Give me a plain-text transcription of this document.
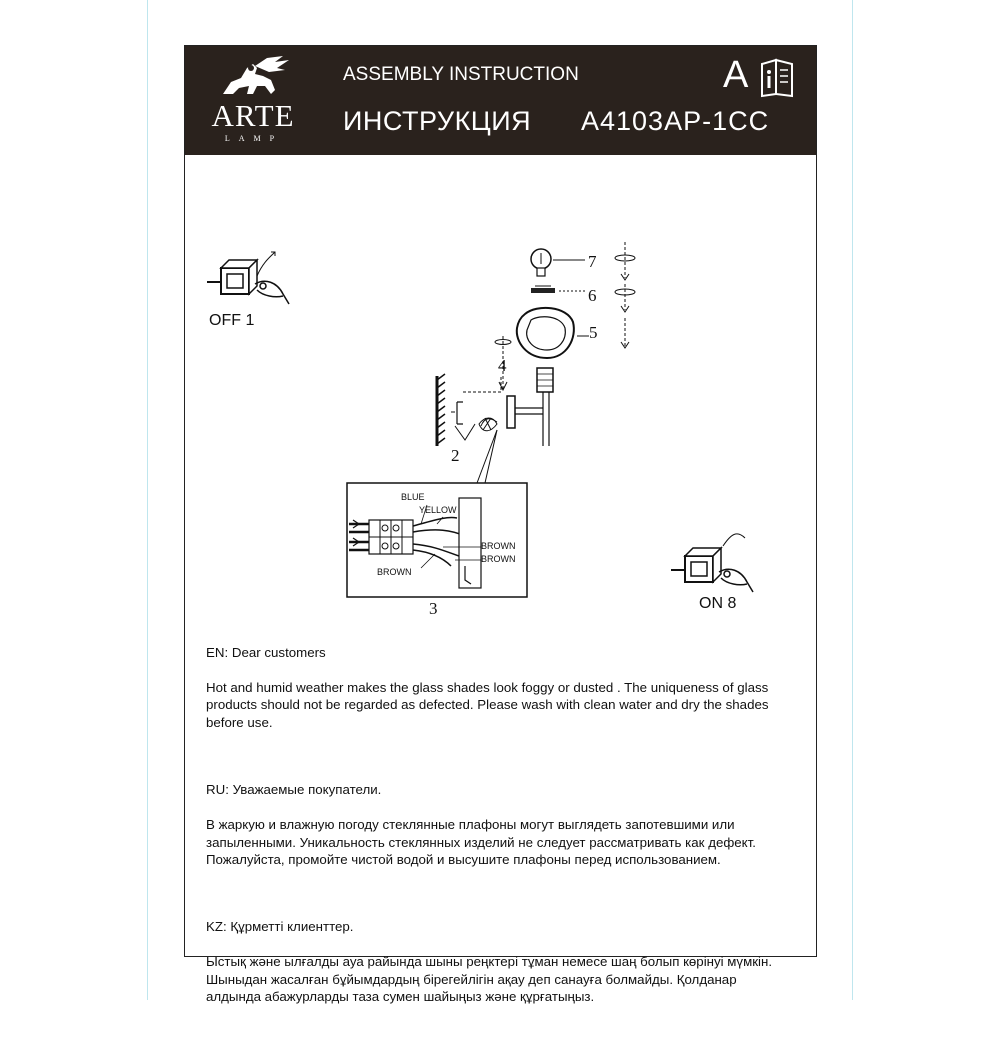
ARTE
LAMP
ASSEMBLY INSTRUCTION
ИНСТРУКЦИЯ A4103AP-1CC
A
OFF 1
ON 8
7
6
5
4
2
3
BLUE
YELLOW
BROWN
BROWN
BROWN

EN: Dear customers

Hot and humid weather makes the glass shades look foggy or dusted . The uniqueness of glass
products should not be regarded as defected. Please wash with clean water and dry the shades
before use.

RU: Уважаемые покупатели.

В жаркую и влажную погоду стеклянные плафоны могут выглядеть запотевшими или
запыленными. Уникальность стеклянных изделий не следует рассматривать как дефект.
Пожалуйста, промойте чистой водой и высушите плафоны перед использованием.

KZ: Құрметті клиенттер.

Ыстық және ылғалды ауа райында шыны реңктері тұман немесе шаң болып көрінуі мүмкін.
Шыныдан жасалған бұйымдардың бірегейлігін ақау деп санауға болмайды. Қолданар
алдында абажурларды таза сумен шайыңыз және құрғатыңыз.
